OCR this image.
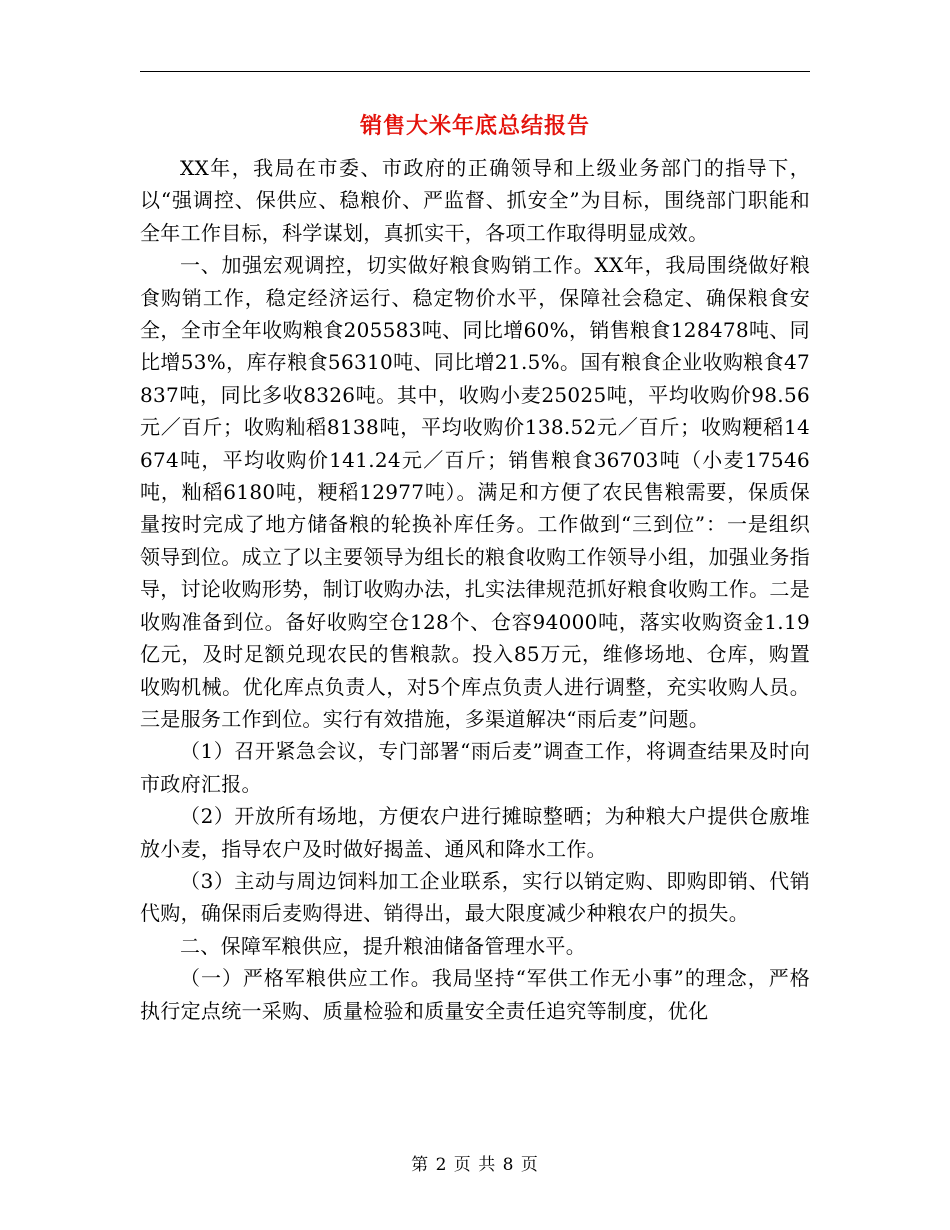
销售大米年底总结报告

XX年，我局在市委、市政府的正确领导和上级业务部门的指导下，以“强调控、保供应、稳粮价、严监督、抓安全”为目标，围绕部门职能和全年工作目标，科学谋划，真抓实干，各项工作取得明显成效。

一、加强宏观调控，切实做好粮食购销工作。XX年，我局围绕做好粮食购销工作，稳定经济运行、稳定物价水平，保障社会稳定、确保粮食安全，全市全年收购粮食205583吨、同比增60%，销售粮食128478吨、同比增53%，库存粮食56310吨、同比增21.5%。国有粮食企业收购粮食47837吨，同比多收8326吨。其中，收购小麦25025吨，平均收购价98.56元／百斤；收购籼稻8138吨，平均收购价138.52元／百斤；收购粳稻14674吨，平均收购价141.24元／百斤；销售粮食36703吨（小麦17546吨，籼稻6180吨，粳稻12977吨）。满足和方便了农民售粮需要，保质保量按时完成了地方储备粮的轮换补库任务。工作做到“三到位”：一是组织领导到位。成立了以主要领导为组长的粮食收购工作领导小组，加强业务指导，讨论收购形势，制订收购办法，扎实法律规范抓好粮食收购工作。二是收购准备到位。备好收购空仓128个、仓容94000吨，落实收购资金1.19亿元，及时足额兑现农民的售粮款。投入85万元，维修场地、仓库，购置收购机械。优化库点负责人，对5个库点负责人进行调整，充实收购人员。三是服务工作到位。实行有效措施，多渠道解决“雨后麦”问题。

（1）召开紧急会议，专门部署“雨后麦”调查工作，将调查结果及时向市政府汇报。

（2）开放所有场地，方便农户进行摊晾整晒；为种粮大户提供仓廒堆放小麦，指导农户及时做好揭盖、通风和降水工作。

（3）主动与周边饲料加工企业联系，实行以销定购、即购即销、代销代购，确保雨后麦购得进、销得出，最大限度减少种粮农户的损失。

二、保障军粮供应，提升粮油储备管理水平。

（一）严格军粮供应工作。我局坚持“军供工作无小事”的理念，严格执行定点统一采购、质量检验和质量安全责任追究等制度，优化

第 2 页 共 8 页
